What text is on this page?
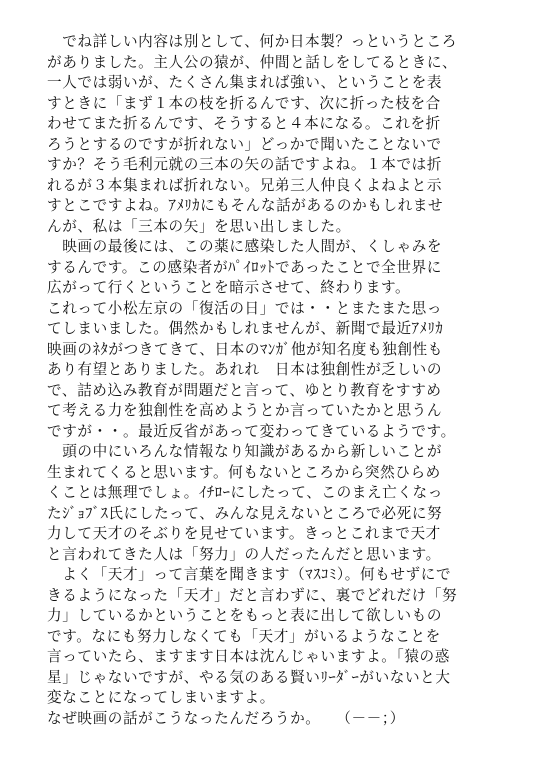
　でね詳しい内容は別として、何か日本製？っというところ
がありました。主人公の猿が、仲間と話しをしてるときに、
一人では弱いが、たくさん集まれば強い、ということを表
すときに「まず１本の枝を折るんです、次に折った枝を合
わせてまた折るんです、そうすると４本になる。これを折
ろうとするのですが折れない」どっかで聞いたことないで
すか？そう毛利元就の三本の矢の話ですよね。１本では折
れるが３本集まれば折れない。兄弟三人仲良くよねよと示
すとこですよね。ｱﾒﾘｶにもそんな話があるのかもしれませ
んが、私は「三本の矢」を思い出しました。
　映画の最後には、この薬に感染した人間が、くしゃみを
するんです。この感染者がﾊﾟｲﾛｯﾄであったことで全世界に
広がって行くということを暗示させて、終わります。
これって小松左京の「復活の日」では・・とまたまた思っ
てしまいました。偶然かもしれませんが、新聞で最近ｱﾒﾘｶ
映画のﾈﾀがつきてきて、日本のﾏﾝｶﾞ他が知名度も独創性も
あり有望とありました。あれれ　日本は独創性が乏しいの
で、詰め込み教育が問題だと言って、ゆとり教育をすすめ
て考える力を独創性を高めようとか言っていたかと思うん
ですが・・。最近反省があって変わってきているようです。
　頭の中にいろんな情報なり知識があるから新しいことが
生まれてくると思います。何もないところから突然ひらめ
くことは無理でしょ。ｲﾁﾛｰにしたって、このまえ亡くなっ
たｼﾞｮﾌﾞｽ氏にしたって、みんな見えないところで必死に努
力して天才のそぶりを見せています。きっとこれまで天才
と言われてきた人は「努力」の人だったんだと思います。
　よく「天才」って言葉を聞きます（ﾏｽｺﾐ）。何もせずにで
きるようになった「天才」だと言わずに、裏でどれだけ「努
力」しているかということをもっと表に出して欲しいもの
です。なにも努力しなくても「天才」がいるようなことを
言っていたら、ますます日本は沈んじゃいますよ。「猿の惑
星」じゃないですが、やる気のある賢いﾘｰﾀﾞｰがいないと大
変なことになってしまいますよ。
なぜ映画の話がこうなったんだろうか。　　（－－；）
